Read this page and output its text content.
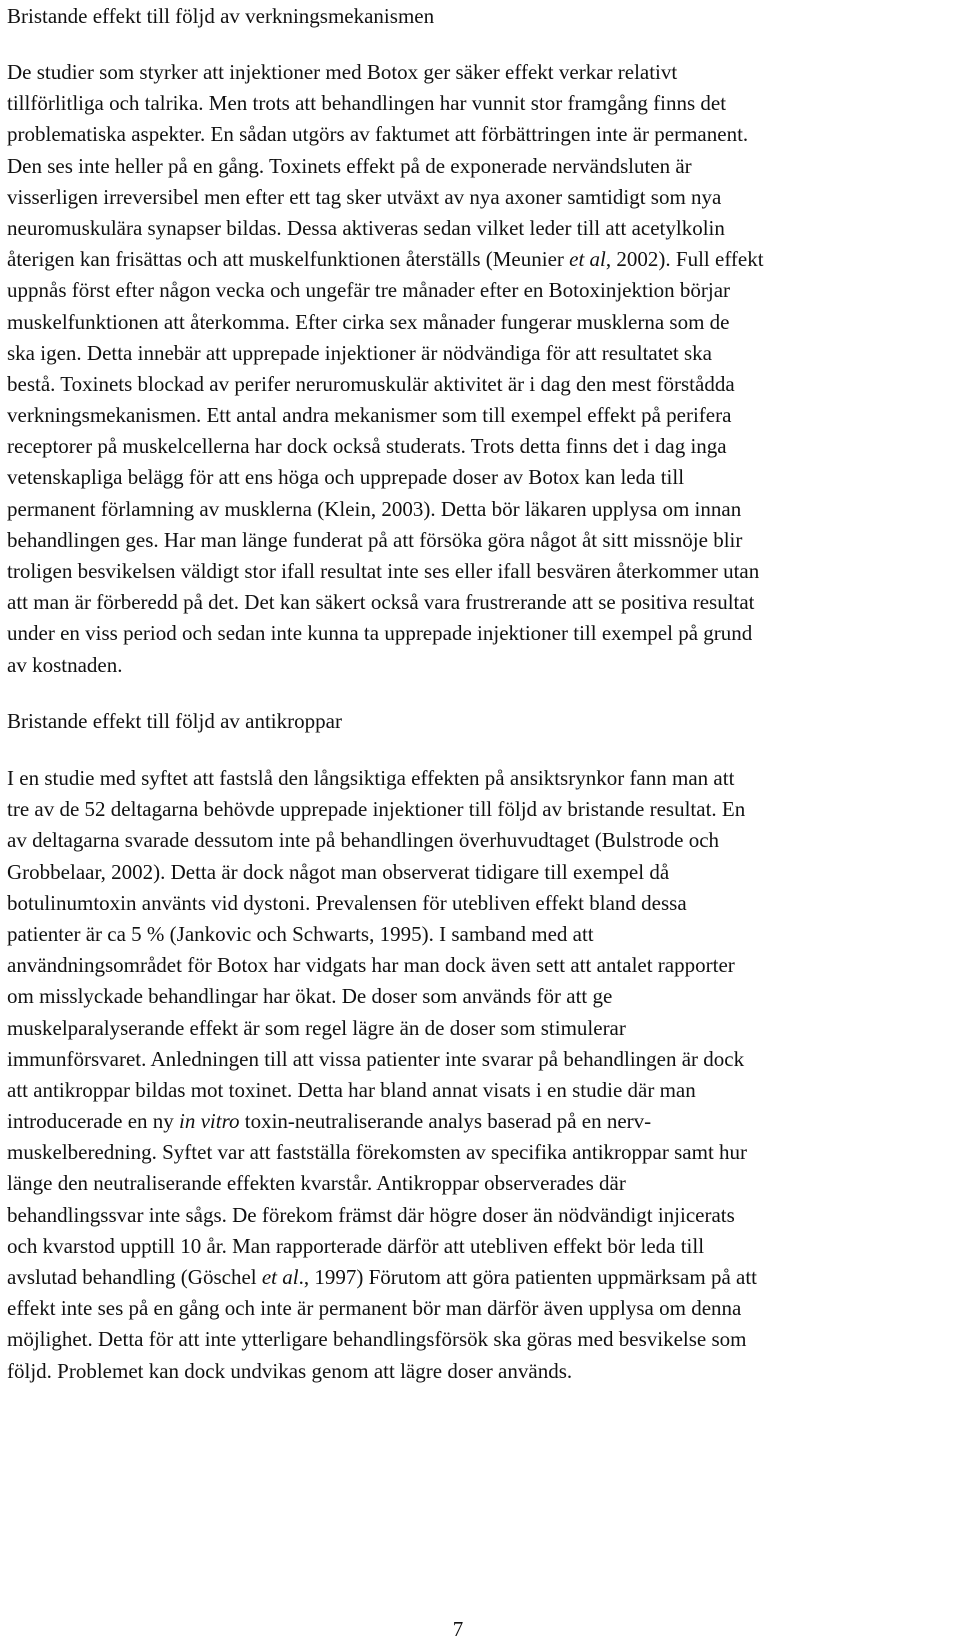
Bristande effekt till följd av verkningsmekanismen
De studier som styrker att injektioner med Botox ger säker effekt verkar relativt
tillförlitliga och talrika. Men trots att behandlingen har vunnit stor framgång finns det
problematiska aspekter. En sådan utgörs av faktumet att förbättringen inte är permanent.
Den ses inte heller på en gång. Toxinets effekt på de exponerade nervändsluten är
visserligen irreversibel men efter ett tag sker utväxt av nya axoner samtidigt som nya
neuromuskulära synapser bildas. Dessa aktiveras sedan vilket leder till att acetylkolin
återigen kan frisättas och att muskelfunktionen återställs (Meunier et al, 2002). Full effekt
uppnås först efter någon vecka och ungefär tre månader efter en Botoxinjektion börjar
muskelfunktionen att återkomma. Efter cirka sex månader fungerar musklerna som de
ska igen. Detta innebär att upprepade injektioner är nödvändiga för att resultatet ska
bestå. Toxinets blockad av perifer neruromuskulär aktivitet är i dag den mest förstådda
verkningsmekanismen. Ett antal andra mekanismer som till exempel effekt på perifera
receptorer på muskelcellerna har dock också studerats. Trots detta finns det i dag inga
vetenskapliga belägg för att ens höga och upprepade doser av Botox kan leda till
permanent förlamning av musklerna (Klein, 2003). Detta bör läkaren upplysa om innan
behandlingen ges. Har man länge funderat på att försöka göra något åt sitt missnöje blir
troligen besvikelsen väldigt stor ifall resultat inte ses eller ifall besvären återkommer utan
att man är förberedd på det. Det kan säkert också vara frustrerande att se positiva resultat
under en viss period och sedan inte kunna ta upprepade injektioner till exempel på grund
av kostnaden.
Bristande effekt till följd av antikroppar
I en studie med syftet att fastslå den långsiktiga effekten på ansiktsrynkor fann man att
tre av de 52 deltagarna behövde upprepade injektioner till följd av bristande resultat. En
av deltagarna svarade dessutom inte på behandlingen överhuvudtaget (Bulstrode och
Grobbelaar, 2002). Detta är dock något man observerat tidigare till exempel då
botulinumtoxin använts vid dystoni. Prevalensen för utebliven effekt bland dessa
patienter är ca 5 % (Jankovic och Schwarts, 1995). I samband med att
användningsområdet för Botox har vidgats har man dock även sett att antalet rapporter
om misslyckade behandlingar har ökat. De doser som används för att ge
muskelparalyserande effekt är som regel lägre än de doser som stimulerar
immunförsvaret. Anledningen till att vissa patienter inte svarar på behandlingen är dock
att antikroppar bildas mot toxinet. Detta har bland annat visats i en studie där man
introducerade en ny in vitro toxin-neutraliserande analys baserad på en nerv-
muskelberedning. Syftet var att fastställa förekomsten av specifika antikroppar samt hur
länge den neutraliserande effekten kvarstår. Antikroppar observerades där
behandlingssvar inte sågs. De förekom främst där högre doser än nödvändigt injicerats
och kvarstod upptill 10 år. Man rapporterade därför att utebliven effekt bör leda till
avslutad behandling (Göschel et al., 1997) Förutom att göra patienten uppmärksam på att
effekt inte ses på en gång och inte är permanent bör man därför även upplysa om denna
möjlighet. Detta för att inte ytterligare behandlingsförsök ska göras med besvikelse som
följd. Problemet kan dock undvikas genom att lägre doser används.
7
